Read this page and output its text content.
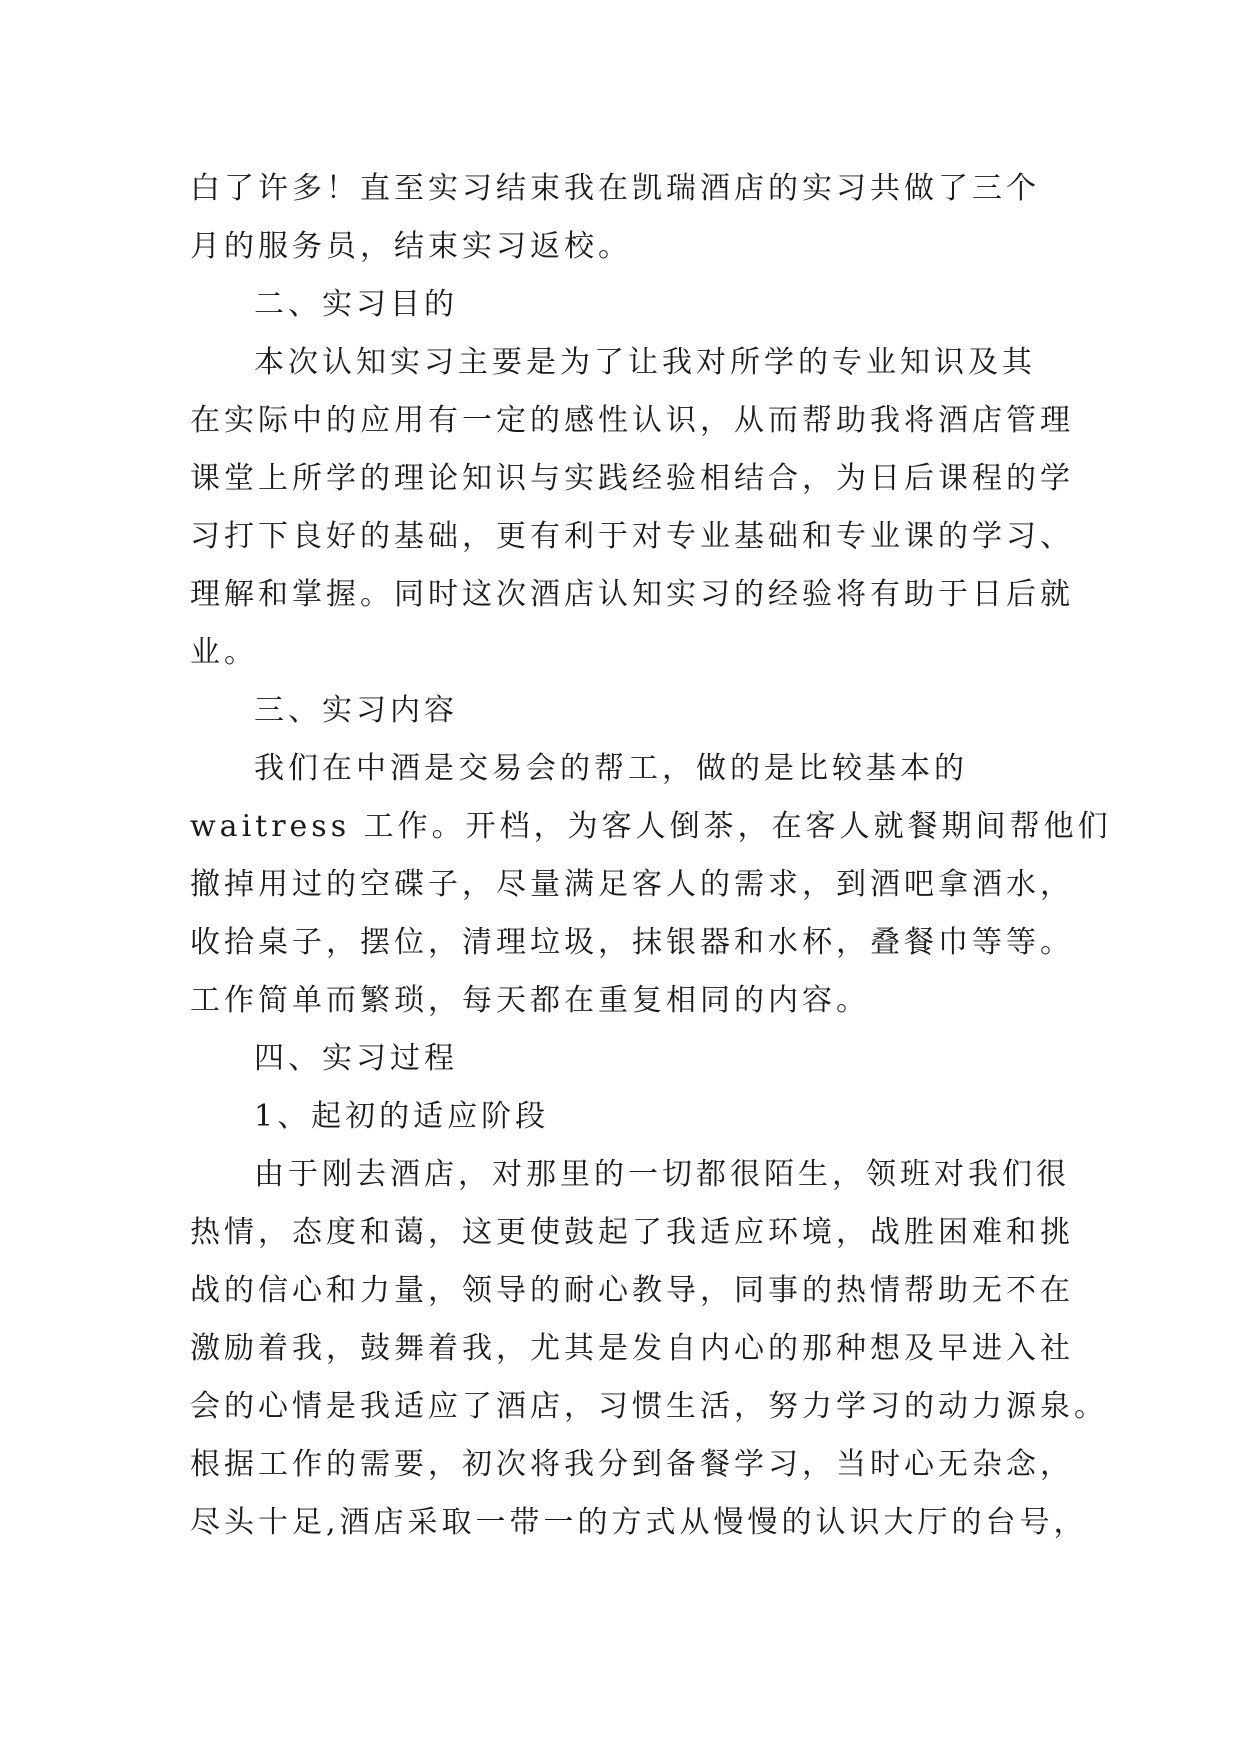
白了许多！直至实习结束我在凯瑞酒店的实习共做了三个
月的服务员，结束实习返校。
二、实习目的
本次认知实习主要是为了让我对所学的专业知识及其
在实际中的应用有一定的感性认识，从而帮助我将酒店管理
课堂上所学的理论知识与实践经验相结合，为日后课程的学
习打下良好的基础，更有利于对专业基础和专业课的学习、
理解和掌握。同时这次酒店认知实习的经验将有助于日后就
业。
三、实习内容
我们在中酒是交易会的帮工，做的是比较基本的
waitress 工作。开档，为客人倒茶，在客人就餐期间帮他们
撤掉用过的空碟子，尽量满足客人的需求，到酒吧拿酒水，
收拾桌子，摆位，清理垃圾，抹银器和水杯，叠餐巾等等。
工作简单而繁琐，每天都在重复相同的内容。
四、实习过程
1、起初的适应阶段
由于刚去酒店，对那里的一切都很陌生，领班对我们很
热情，态度和蔼，这更使鼓起了我适应环境，战胜困难和挑
战的信心和力量，领导的耐心教导，同事的热情帮助无不在
激励着我，鼓舞着我，尤其是发自内心的那种想及早进入社
会的心情是我适应了酒店，习惯生活，努力学习的动力源泉。
根据工作的需要，初次将我分到备餐学习，当时心无杂念，
尽头十足,酒店采取一带一的方式从慢慢的认识大厅的台号，
